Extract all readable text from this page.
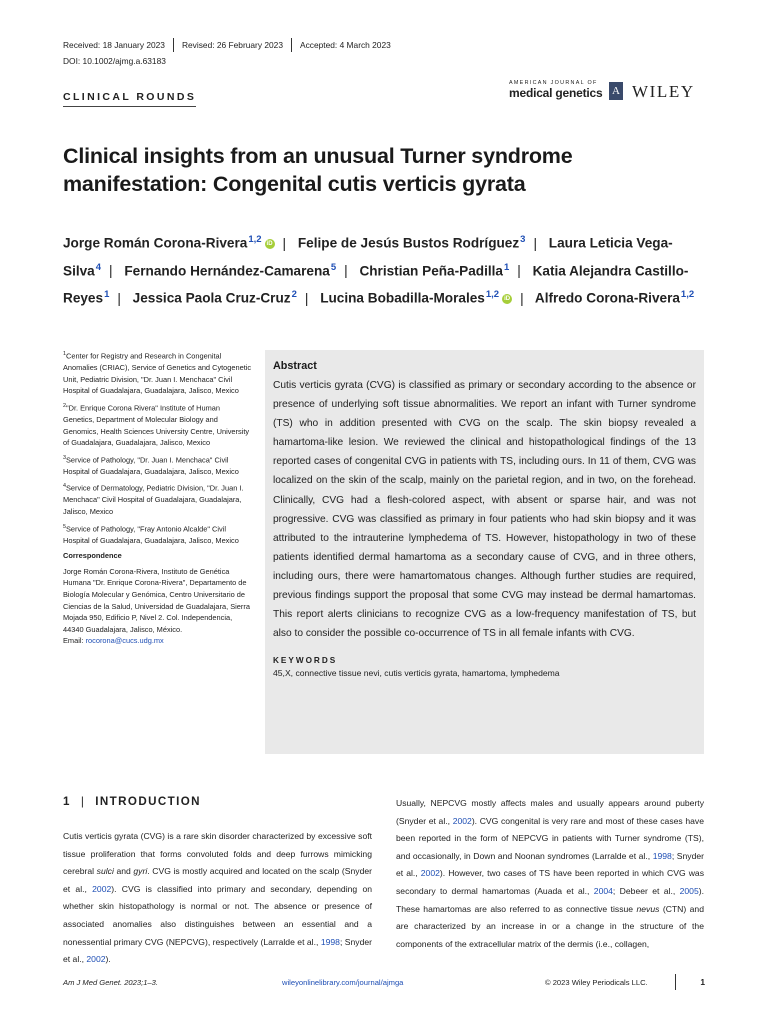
Received: 18 January 2023	Revised: 26 February 2023	Accepted: 4 March 2023
DOI: 10.1002/ajmg.a.63183
CLINICAL ROUNDS
AMERICAN JOURNAL OF
medical genetics A WILEY
Clinical insights from an unusual Turner syndrome manifestation: Congenital cutis verticis gyrata
Jorge Román Corona-Rivera$^{1,2}$ iD | Felipe de Jesús Bustos Rodríguez$^3$ | Laura Leticia Vega-Silva$^4$ | Fernando Hernández-Camarena$^5$ | Christian Peña-Padilla$^1$ | Katia Alejandra Castillo-Reyes$^1$ | Jessica Paola Cruz-Cruz$^2$ | Lucina Bobadilla-Morales$^{1,2}$ iD | Alfredo Corona-Rivera$^{1,2}$

$^1$Center for Registry and Research in Congenital Anomalies (CRIAC), Service of Genetics and Cytogenetic Unit, Pediatric Division, "Dr. Juan I. Menchaca" Civil Hospital of Guadalajara, Guadalajara, Jalisco, Mexico

$^2$"Dr. Enrique Corona Rivera" Institute of Human Genetics, Department of Molecular Biology and Genomics, Health Sciences University Centre, University of Guadalajara, Guadalajara, Jalisco, Mexico

$^3$Service of Pathology, "Dr. Juan I. Menchaca" Civil Hospital of Guadalajara, Guadalajara, Jalisco, Mexico

$^4$Service of Dermatology, Pediatric Division, "Dr. Juan I. Menchaca" Civil Hospital of Guadalajara, Guadalajara, Jalisco, Mexico

$^5$Service of Pathology, "Fray Antonio Alcalde" Civil Hospital of Guadalajara, Guadalajara, Jalisco, Mexico

Correspondence

Jorge Román Corona-Rivera, Instituto de Genética Humana "Dr. Enrique Corona-Rivera", Departamento de Biología Molecular y Genómica, Centro Universitario de Ciencias de la Salud, Universidad de Guadalajara, Sierra Mojada 950, Edificio P, Nivel 2. Col. Independencia, 44340 Guadalajara, Jalisco, México.
Email: rocorona@cucs.udg.mx

Abstract
Cutis verticis gyrata (CVG) is classified as primary or secondary according to the absence or presence of underlying soft tissue abnormalities. We report an infant with Turner syndrome (TS) who in addition presented with CVG on the scalp. The skin biopsy revealed a hamartoma-like lesion. We reviewed the clinical and histopathological findings of the 13 reported cases of congenital CVG in patients with TS, including ours. In 11 of them, CVG was localized on the skin of the scalp, mainly on the parietal region, and in two, on the forehead. Clinically, CVG had a flesh-colored aspect, with absent or sparse hair, and was not progressive. CVG was classified as primary in four patients who had skin biopsy and it was attributed to the intrauterine lymphedema of TS. However, histopathology in two of these patients identified dermal hamartoma as a secondary cause of CVG, and in three others, including ours, there were hamartomatous changes. Although further studies are required, previous findings support the proposal that some CVG may instead be dermal hamartomas. This report alerts clinicians to recognize CVG as a low-frequency manifestation of TS, but also to consider the possible co-occurrence of TS in all female infants with CVG.
KEYWORDS
45,X, connective tissue nevi, cutis verticis gyrata, hamartoma, lymphedema
1 | INTRODUCTION
Cutis verticis gyrata (CVG) is a rare skin disorder characterized by excessive soft tissue proliferation that forms convoluted folds and deep furrows mimicking cerebral sulci and gyri. CVG is mostly acquired and located on the scalp (Snyder et al., 2002). CVG is classified into primary and secondary, depending on whether skin histopathology is normal or not. The absence or presence of associated anomalies also distinguishes between an essential and a nonessential primary CVG (NEPCVG), respectively (Larralde et al., 1998; Snyder et al., 2002).
Usually, NEPCVG mostly affects males and usually appears around puberty (Snyder et al., 2002). CVG congenital is very rare and most of these cases have been reported in the form of NEPCVG in patients with Turner syndrome (TS), and occasionally, in Down and Noonan syndromes (Larralde et al., 1998; Snyder et al., 2002). However, two cases of TS have been reported in which CVG was secondary to dermal hamartomas (Auada et al., 2004; Debeer et al., 2005). These hamartomas are also referred to as connective tissue nevus (CTN) and are characterized by an increase in or a change in the structure of the components of the extracellular matrix of the dermis (i.e., collagen,
Am J Med Genet. 2023;1–3.	wileyonlinelibrary.com/journal/ajmga	© 2023 Wiley Periodicals LLC.	1
